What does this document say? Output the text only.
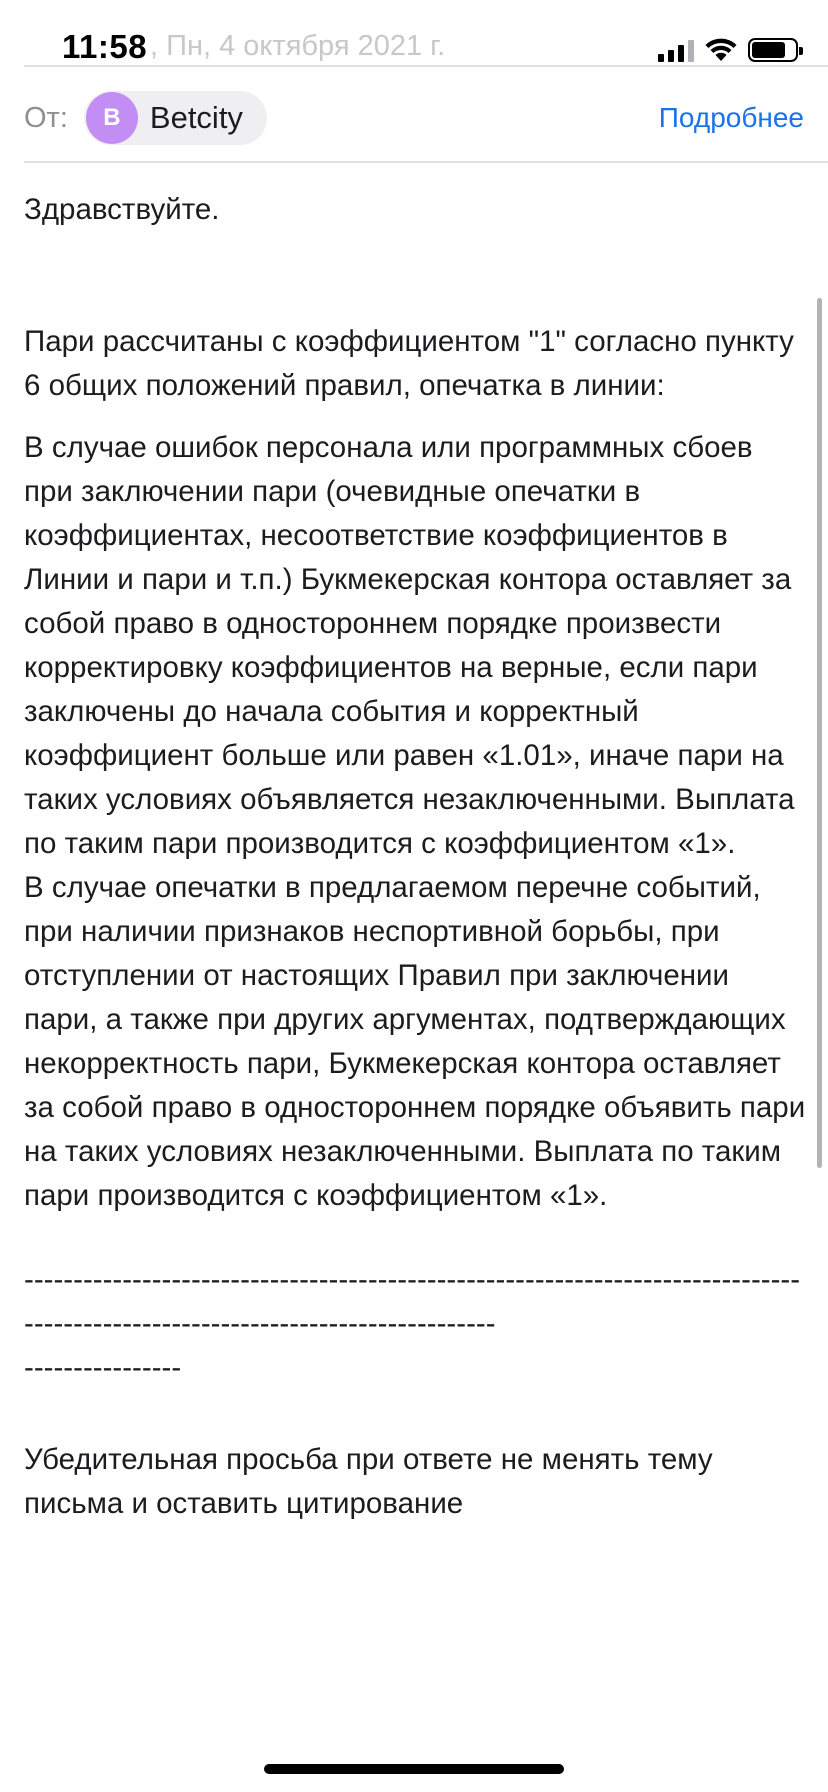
, Пн, 4 октября 2021 г.
11:58
От:	B Betcity	Подробнее

Здравствуйте.

Пари рассчитаны с коэффициентом "1" согласно пункту 6 общих положений правил, опечатка в линии:

В случае ошибок персонала или программных сбоев при заключении пари (очевидные опечатки в коэффициентах, несоответствие коэффициентов в Линии и пари и т.п.) Букмекерская контора оставляет за собой право в одностороннем порядке произвести корректировку коэффициентов на верные, если пари заключены до начала события и корректный коэффициент больше или равен «1.01», иначе пари на таких условиях объявляется незаключенными. Выплата по таким пари производится с коэффициентом «1».
В случае опечатки в предлагаемом перечне событий, при наличии признаков неспортивной борьбы, при отступлении от настоящих Правил при заключении пари, а также при других аргументах, подтверждающих некорректность пари, Букмекерская контора оставляет за собой право в одностороннем порядке объявить пари на таких условиях незаключенными. Выплата по таким пари производится с коэффициентом «1».

-------------------------------------------------------------------------------------------------------------------------------
----------------

Убедительная просьба при ответе не менять тему письма и оставить цитирование
